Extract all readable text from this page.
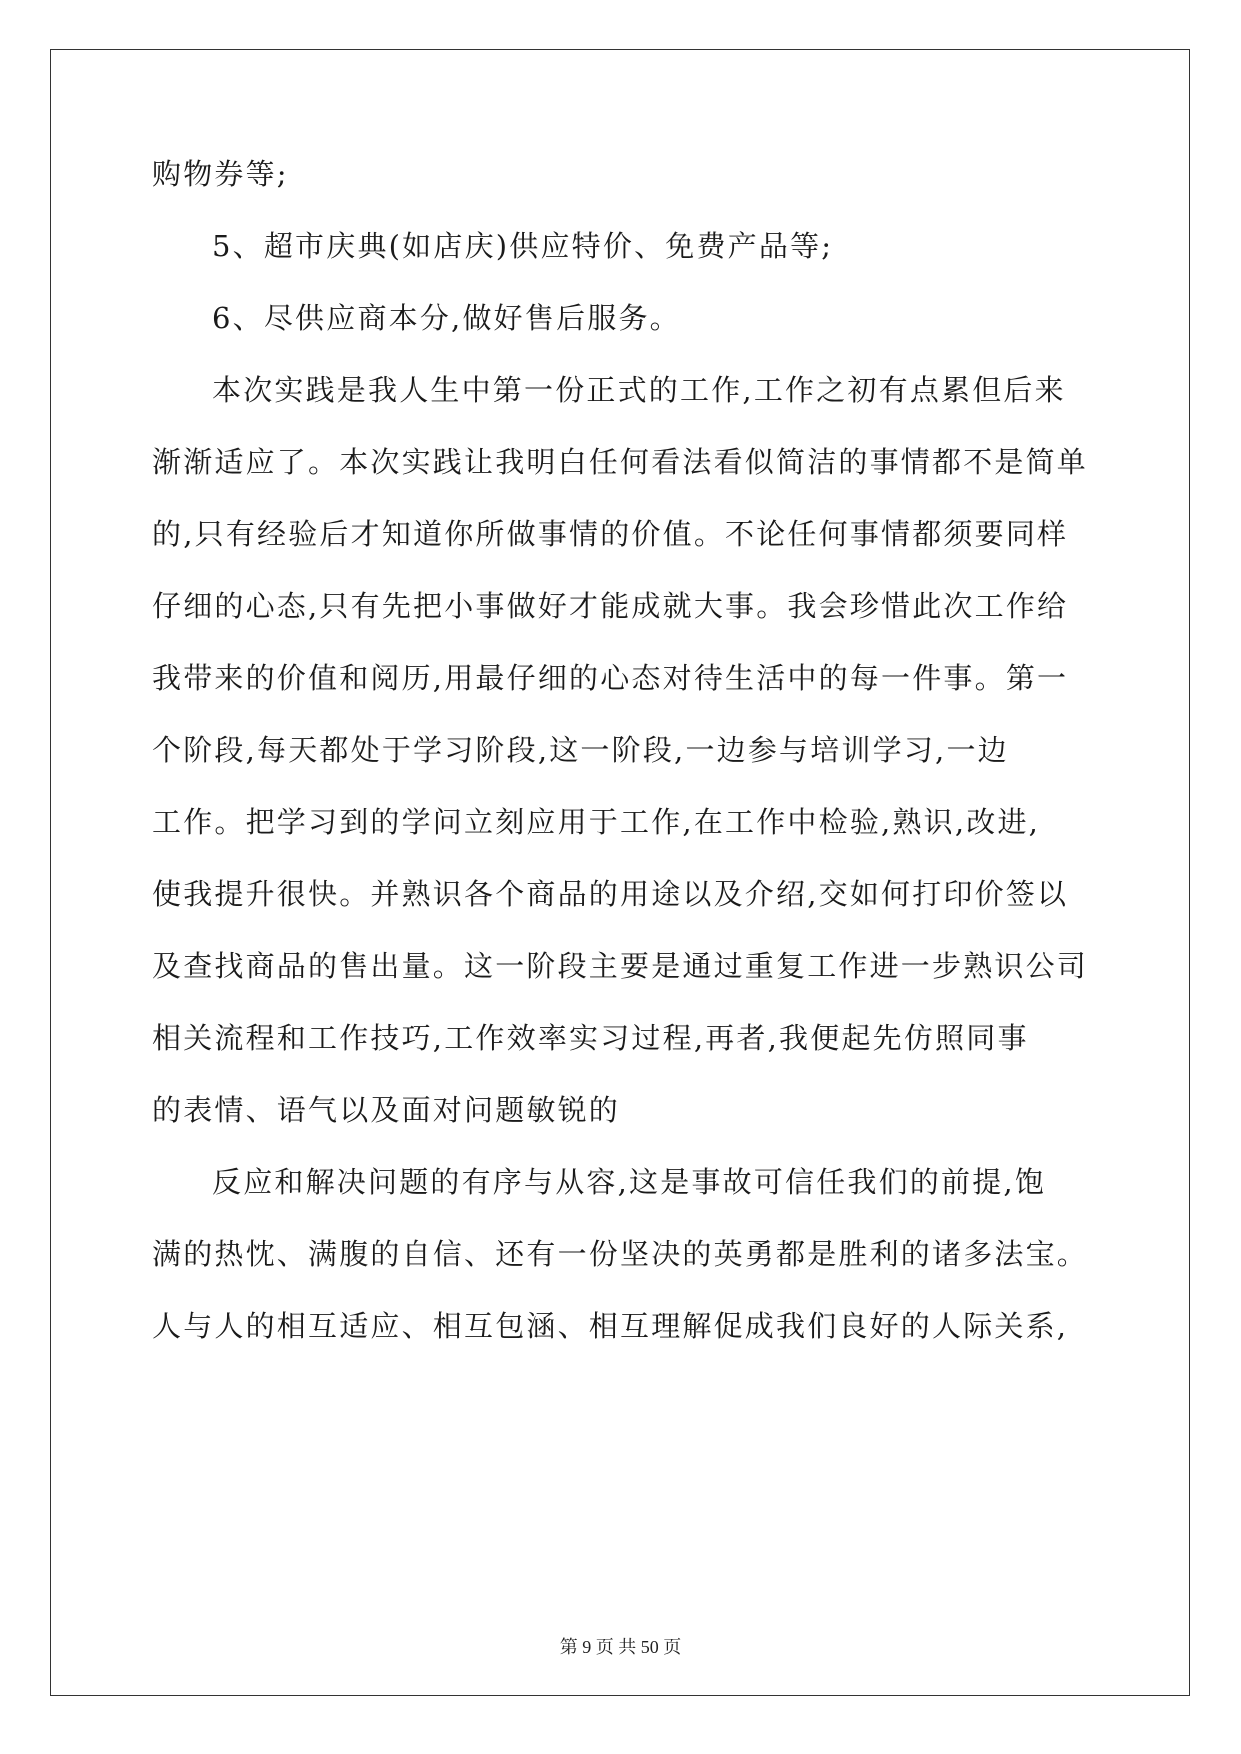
购物券等;
5、超市庆典(如店庆)供应特价、免费产品等;
6、尽供应商本分,做好售后服务。
本次实践是我人生中第一份正式的工作,工作之初有点累但后来
渐渐适应了。本次实践让我明白任何看法看似简洁的事情都不是简单
的,只有经验后才知道你所做事情的价值。不论任何事情都须要同样
仔细的心态,只有先把小事做好才能成就大事。我会珍惜此次工作给
我带来的价值和阅历,用最仔细的心态对待生活中的每一件事。第一
个阶段,每天都处于学习阶段,这一阶段,一边参与培训学习,一边
工作。把学习到的学问立刻应用于工作,在工作中检验,熟识,改进,
使我提升很快。并熟识各个商品的用途以及介绍,交如何打印价签以
及查找商品的售出量。这一阶段主要是通过重复工作进一步熟识公司
相关流程和工作技巧,工作效率实习过程,再者,我便起先仿照同事
的表情、语气以及面对问题敏锐的
反应和解决问题的有序与从容,这是事故可信任我们的前提,饱
满的热忱、满腹的自信、还有一份坚决的英勇都是胜利的诸多法宝。
人与人的相互适应、相互包涵、相互理解促成我们良好的人际关系,
第 9 页 共 50 页
